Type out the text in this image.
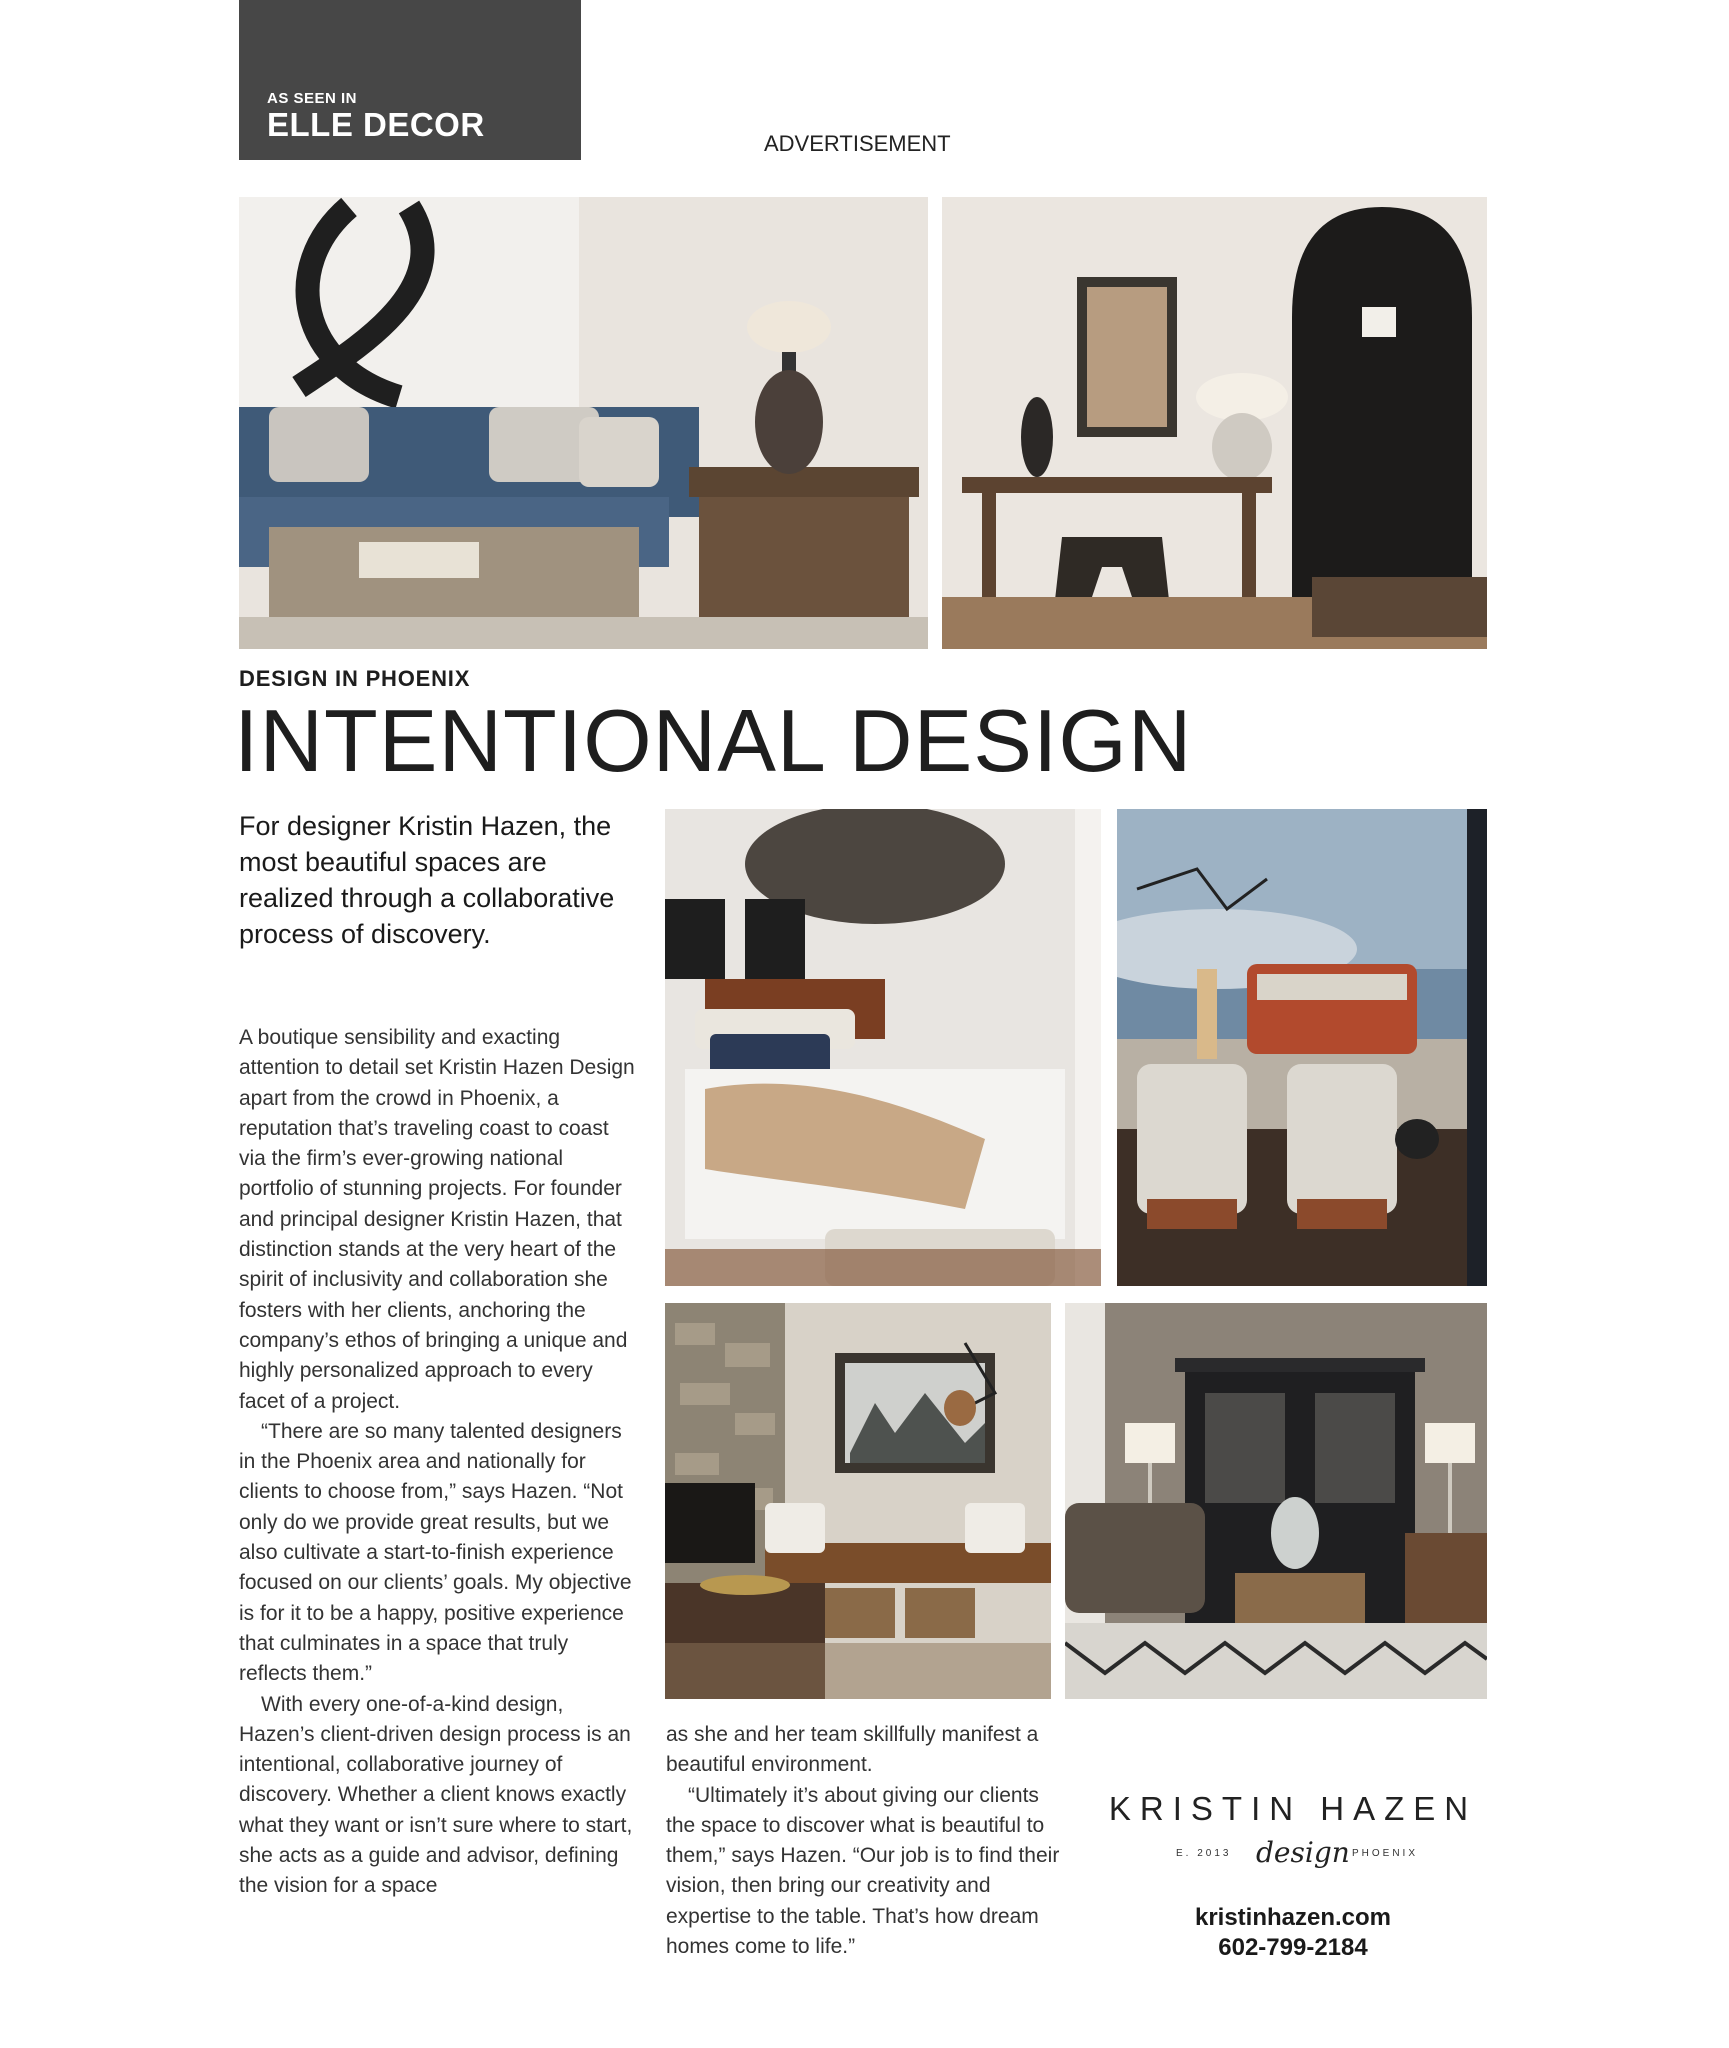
AS SEEN IN
ELLE DECOR
ADVERTISEMENT
DESIGN IN PHOENIX
INTENTIONAL DESIGN
For designer Kristin Hazen, the most beautiful spaces are realized through a collaborative process of discovery.

A boutique sensibility and exacting attention to detail set Kristin Hazen Design apart from the crowd in Phoenix, a reputation that’s traveling coast to coast via the firm’s ever-growing national portfolio of stunning projects. For founder and principal designer Kristin Hazen, that distinction stands at the very heart of the spirit of inclusivity and collaboration she fosters with her clients, anchoring the company’s ethos of bringing a unique and highly personalized approach to every facet of a project.

“There are so many talented designers in the Phoenix area and nationally for clients to choose from,” says Hazen. “Not only do we provide great results, but we also cultivate a start-to-finish experience focused on our clients’ goals. My objective is for it to be a happy, positive experience that culminates in a space that truly reflects them.”

With every one-of-a-kind design, Hazen’s client-driven design process is an intentional, collaborative journey of discovery. Whether a client knows exactly what they want or isn’t sure where to start, she acts as a guide and advisor, defining the vision for a space

as she and her team skillfully manifest a beautiful environment.

“Ultimately it’s about giving our clients the space to discover what is beautiful to them,” says Hazen. “Our job is to find their vision, then bring our creativity and expertise to the table. That’s how dream homes come to life.”

KRISTIN HAZEN
E. 2013 design PHOENIX
kristinhazen.com
602-799-2184
